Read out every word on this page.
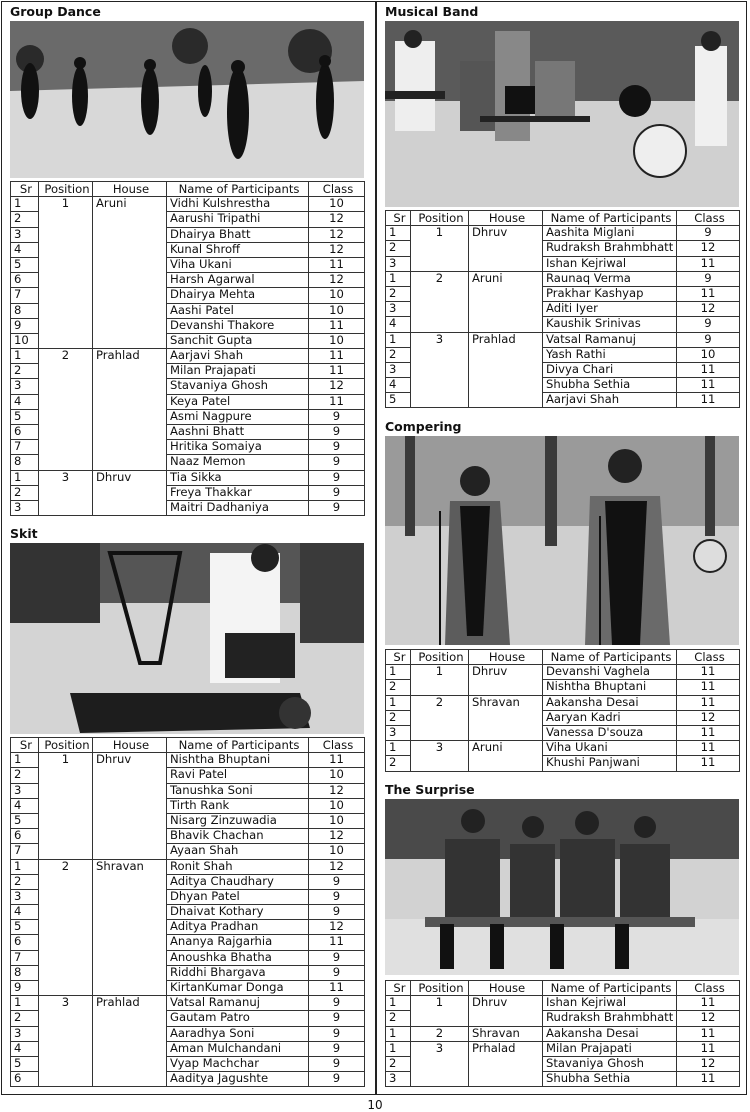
Group Dance
Sr	Position	House	Name of Participants	Class
1	1	Aruni	Vidhi Kulshrestha	10
2			Aarushi Tripathi	12
3			Dhairya Bhatt	12
4			Kunal Shroff	12
5			Viha Ukani	11
6			Harsh Agarwal	12
7			Dhairya Mehta	10
8			Aashi Patel	10
9			Devanshi Thakore	11
10			Sanchit Gupta	10
1	2	Prahlad	Aarjavi Shah	11
2			Milan Prajapati	11
3			Stavaniya Ghosh	12
4			Keya Patel	11
5			Asmi Nagpure	9
6			Aashni Bhatt	9
7			Hritika Somaiya	9
8			Naaz Memon	9
1	3	Dhruv	Tia Sikka	9
2			Freya Thakkar	9
3			Maitri Dadhaniya	9
Skit
Sr	Position	House	Name of Participants	Class
1	1	Dhruv	Nishtha Bhuptani	11
2			Ravi Patel	10
3			Tanushka Soni	12
4			Tirth Rank	10
5			Nisarg Zinzuwadia	10
6			Bhavik Chachan	12
7			Ayaan Shah	10
1	2	Shravan	Ronit Shah	12
2			Aditya Chaudhary	9
3			Dhyan Patel	9
4			Dhaivat Kothary	9
5			Aditya Pradhan	12
6			Ananya Rajgarhia	11
7			Anoushka Bhatha	9
8			Riddhi Bhargava	9
9			KirtanKumar Donga	11
1	3	Prahlad	Vatsal Ramanuj	9
2			Gautam Patro	9
3			Aaradhya Soni	9
4			Aman Mulchandani	9
5			Vyap Machchar	9
6			Aaditya Jagushte	9
Musical Band
Sr	Position	House	Name of Participants	Class
1	1	Dhruv	Aashita Miglani	9
2			Rudraksh Brahmbhatt	12
3			Ishan Kejriwal	11
1	2	Aruni	Raunaq Verma	9
2			Prakhar Kashyap	11
3			Aditi Iyer	12
4			Kaushik Srinivas	9
1	3	Prahlad	Vatsal Ramanuj	9
2			Yash Rathi	10
3			Divya Chari	11
4			Shubha Sethia	11
5			Aarjavi Shah	11
Compering
Sr	Position	House	Name of Participants	Class
1	1	Dhruv	Devanshi Vaghela	11
2			Nishtha Bhuptani	11
1	2	Shravan	Aakansha Desai	11
2			Aaryan Kadri	12
3			Vanessa D'souza	11
1	3	Aruni	Viha Ukani	11
2			Khushi Panjwani	11
The Surprise
Sr	Position	House	Name of Participants	Class
1	1	Dhruv	Ishan Kejriwal	11
2			Rudraksh Brahmbhatt	12
1	2	Shravan	Aakansha Desai	11
1	3	Prhalad	Milan Prajapati	11
2			Stavaniya Ghosh	12
3			Shubha Sethia	11
10
